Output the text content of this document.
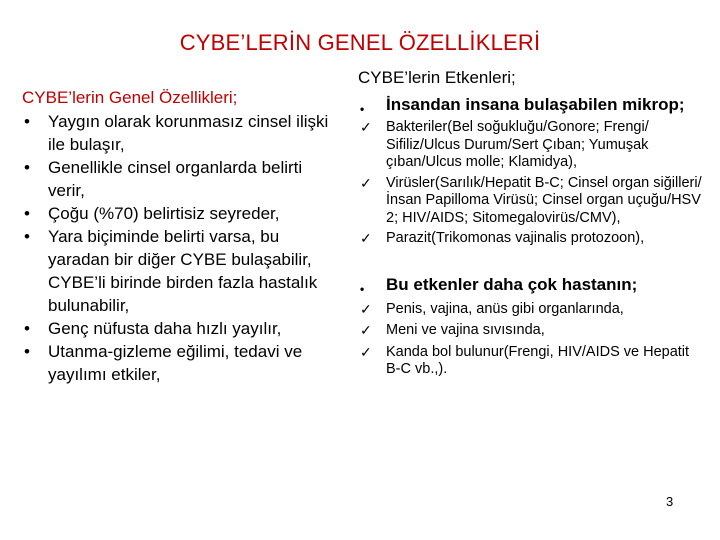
CYBE’LERİN GENEL ÖZELLİKLERİ
CYBE’lerin Genel Özellikleri;
• Yaygın olarak korunmasız cinsel ilişki ile bulaşır,
• Genellikle cinsel organlarda belirti verir,
• Çoğu (%70) belirtisiz seyreder,
• Yara biçiminde belirti varsa, bu yaradan bir diğer CYBE bulaşabilir, CYBE’li birinde birden fazla hastalık bulunabilir,
• Genç nüfusta daha hızlı yayılır,
• Utanma-gizleme eğilimi, tedavi ve yayılımı etkiler,
CYBE’lerin Etkenleri;
• İnsandan insana bulaşabilen mikrop;
✓ Bakteriler(Bel soğukluğu/Gonore; Frengi/ Sifiliz/Ulcus Durum/Sert Çıban; Yumuşak çıban/Ulcus molle; Klamidya),
✓ Virüsler(Sarılık/Hepatit B-C; Cinsel organ siğilleri/İnsan Papilloma Virüsü; Cinsel organ uçuğu/HSV 2; HIV/AIDS; Sitomegalovirüs/CMV),
✓ Parazit(Trikomonas vajinalis protozoon),
• Bu etkenler daha çok hastanın;
✓ Penis, vajina, anüs gibi organlarında,
✓ Meni ve vajina sıvısında,
✓ Kanda bol bulunur(Frengi, HIV/AIDS ve Hepatit B-C vb.,).
3
